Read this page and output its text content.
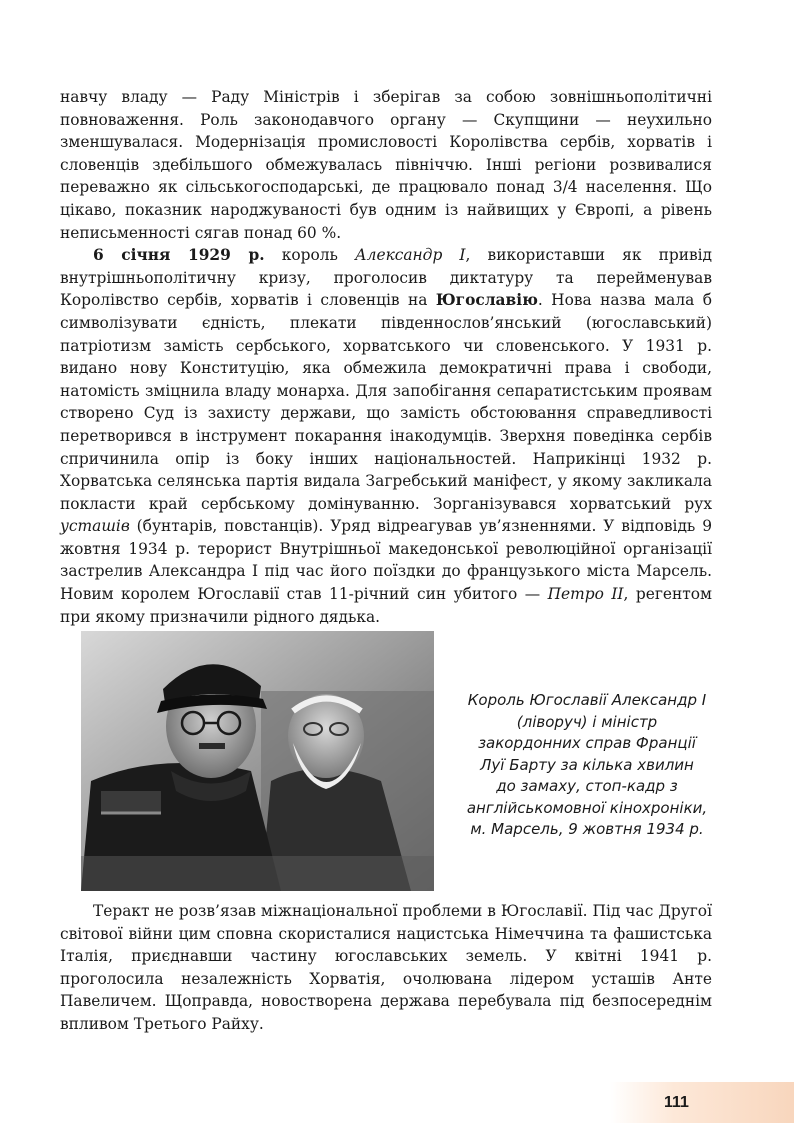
навчу владу — Раду Міністрів і зберігав за собою зовнішньополітичні повноваження. Роль законодавчого органу — Скупщини — неухильно зменшувалася. Модернізація промисловості Королівства сербів, хорватів і словенців здебільшого обмежувалась північчю. Інші регіони розвивалися переважно як сільськогосподарські, де працювало понад 3/4 населення. Що цікаво, показник народжуваності був одним із найвищих у Європі, а рівень неписьменності сягав понад 60 %.

6 січня 1929 р. король Александр I, використавши як привід внутрішньополітичну кризу, проголосив диктатуру та перейменував Королівство сербів, хорватів і словенців на Югославію. Нова назва мала б символізувати єдність, плекати південнослов’янський (югославський) патріотизм замість сербського, хорватського чи словенського. У 1931 р. видано нову Конституцію, яка обмежила демократичні права і свободи, натомість зміцнила владу монарха. Для запобігання сепаратистським проявам створено Суд із захисту держави, що замість обстоювання справедливості перетворився в інструмент покарання інакодумців. Зверхня поведінка сербів спричинила опір із боку інших національностей. Наприкінці 1932 р. Хорватська селянська партія видала Загребський маніфест, у якому закликала покласти край сербському домінуванню. Зорганізувався хорватський рух усташів (бунтарів, повстанців). Уряд відреагував ув’язненнями. У відповідь 9 жовтня 1934 р. терорист Внутрішньої македонської революційної організації застрелив Александра I під час його поїздки до французького міста Марсель. Новим королем Югославії став 11-річний син убитого — Петро II, регентом при якому призначили рідного дядька.

Король Югославії Александр I
(ліворуч) і міністр
закордонних справ Франції
Луї Барту за кілька хвилин
до замаху, стоп-кадр з
англійськомовної кінохроніки,
м. Марсель, 9 жовтня 1934 р.

Теракт не розв’язав міжнаціональної проблеми в Югославії. Під час Другої світової війни цим сповна скористалися нацистська Німеччина та фашистська Італія, приєднавши частину югославських земель. У квітні 1941 р. проголосила незалежність Хорватія, очолювана лідером усташів Анте Павеличем. Щоправда, новостворена держава перебувала під безпосереднім впливом Третього Райху.

111
